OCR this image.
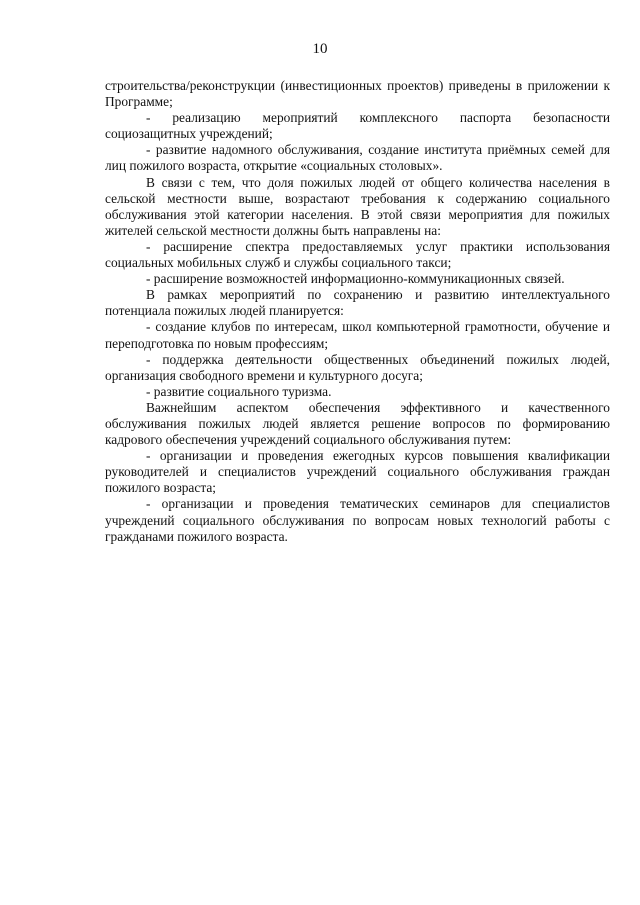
10

строительства/реконструкции (инвестиционных проектов) приведены в приложении к Программе;

- реализацию мероприятий комплексного паспорта безопасности социозащитных учреждений;

- развитие надомного обслуживания, создание института приёмных семей для лиц пожилого возраста, открытие «социальных столовых».

В связи с тем, что доля пожилых людей от общего количества населения в сельской местности выше, возрастают требования к содержанию социального обслуживания этой категории населения. В этой связи мероприятия для пожилых жителей сельской местности должны быть направлены на:

- расширение спектра предоставляемых услуг практики использования социальных мобильных служб и службы социального такси;

- расширение возможностей информационно-коммуникационных связей.

В рамках мероприятий по сохранению и развитию интеллектуального потенциала пожилых людей планируется:

- создание клубов по интересам, школ компьютерной грамотности, обучение и переподготовка по новым профессиям;

- поддержка деятельности общественных объединений пожилых людей, организация свободного времени и культурного досуга;

- развитие социального туризма.

Важнейшим аспектом обеспечения эффективного и качественного обслуживания пожилых людей является решение вопросов по формированию кадрового обеспечения учреждений социального обслуживания путем:

- организации и проведения ежегодных курсов повышения квалификации руководителей и специалистов учреждений социального обслуживания граждан пожилого возраста;

- организации и проведения тематических семинаров для специалистов учреждений социального обслуживания по вопросам новых технологий работы с гражданами пожилого возраста.
